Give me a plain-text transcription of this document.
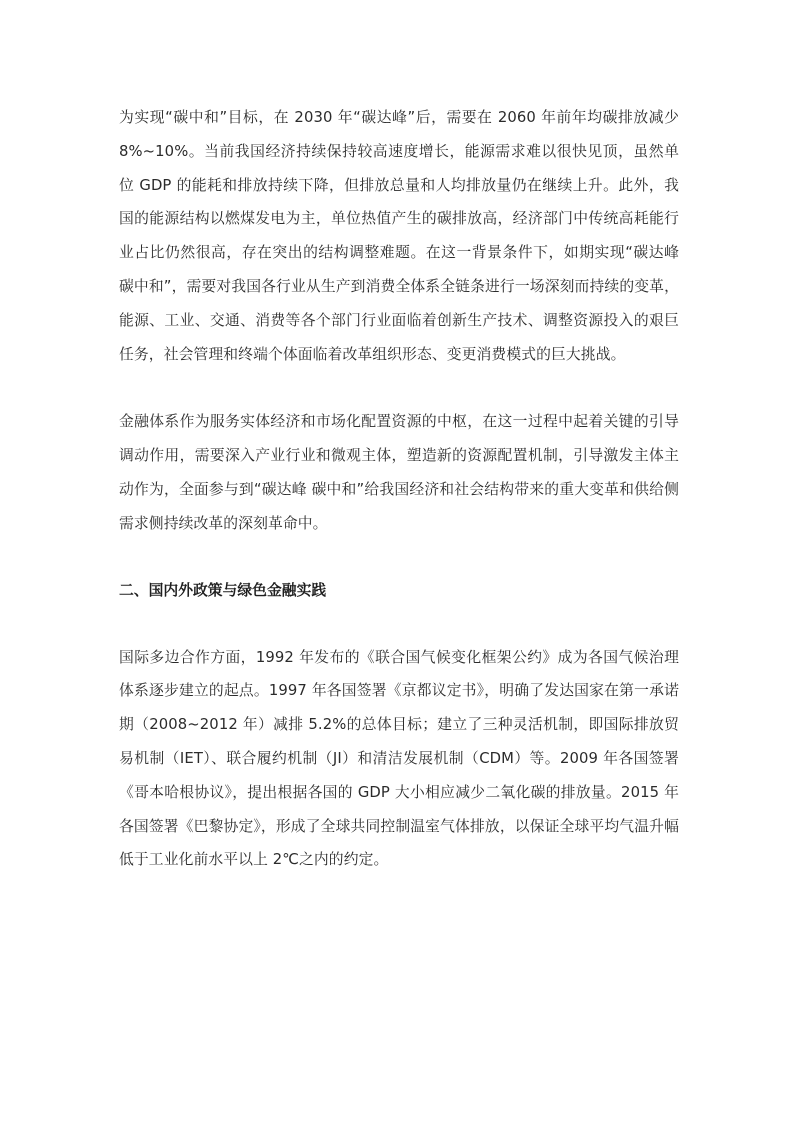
为实现“碳中和”目标，在 2030 年“碳达峰”后，需要在 2060 年前年均碳排放减少 8%~10%。当前我国经济持续保持较高速度增长，能源需求难以很快见顶，虽然单位 GDP 的能耗和排放持续下降，但排放总量和人均排放量仍在继续上升。此外，我国的能源结构以燃煤发电为主，单位热值产生的碳排放高，经济部门中传统高耗能行业占比仍然很高，存在突出的结构调整难题。在这一背景条件下，如期实现“碳达峰 碳中和”，需要对我国各行业从生产到消费全体系全链条进行一场深刻而持续的变革，能源、工业、交通、消费等各个部门行业面临着创新生产技术、调整资源投入的艰巨任务，社会管理和终端个体面临着改革组织形态、变更消费模式的巨大挑战。

金融体系作为服务实体经济和市场化配置资源的中枢，在这一过程中起着关键的引导调动作用，需要深入产业行业和微观主体，塑造新的资源配置机制，引导激发主体主动作为，全面参与到“碳达峰 碳中和”给我国经济和社会结构带来的重大变革和供给侧需求侧持续改革的深刻革命中。

二、国内外政策与绿色金融实践

国际多边合作方面，1992 年发布的《联合国气候变化框架公约》成为各国气候治理体系逐步建立的起点。1997 年各国签署《京都议定书》，明确了发达国家在第一承诺期（2008~2012 年）减排 5.2%的总体目标；建立了三种灵活机制，即国际排放贸易机制（IET）、联合履约机制（JI）和清洁发展机制（CDM）等。2009 年各国签署《哥本哈根协议》，提出根据各国的 GDP 大小相应减少二氧化碳的排放量。2015 年各国签署《巴黎协定》，形成了全球共同控制温室气体排放，以保证全球平均气温升幅低于工业化前水平以上 2℃之内的约定。
